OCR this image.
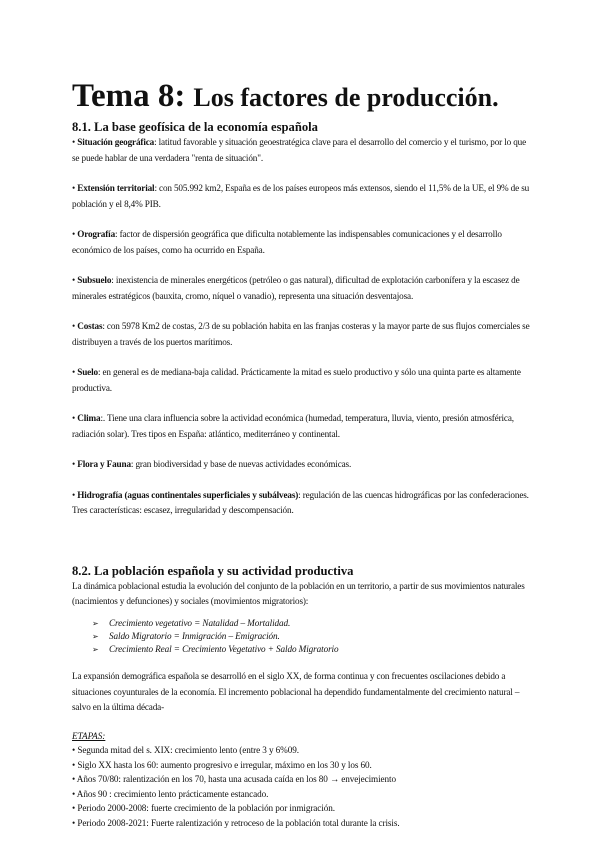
Tema 8: Los factores de producción.
8.1. La base geofísica de la economía española

• Situación geográfica: latitud favorable y situación geoestratégica clave para el desarrollo del comercio y el turismo, por lo que se puede hablar de una verdadera "renta de situación".

• Extensión territorial: con 505.992 km2, España es de los países europeos más extensos, siendo el 11,5% de la UE, el 9% de su población y el 8,4% PIB.

• Orografía: factor de dispersión geográfica que dificulta notablemente las indispensables comunicaciones y el desarrollo económico de los países, como ha ocurrido en España.

• Subsuelo: inexistencia de minerales energéticos (petróleo o gas natural), dificultad de explotación carbonífera y la escasez de minerales estratégicos (bauxita, cromo, níquel o vanadio), representa una situación desventajosa.

• Costas: con 5978 Km2 de costas, 2/3 de su población habita en las franjas costeras y la mayor parte de sus flujos comerciales se distribuyen a través de los puertos marítimos.

• Suelo: en general es de mediana-baja calidad. Prácticamente la mitad es suelo productivo y sólo una quinta parte es altamente productiva.

• Clima:. Tiene una clara influencia sobre la actividad económica (humedad, temperatura, lluvia, viento, presión atmosférica, radiación solar). Tres tipos en España: atlántico, mediterráneo y continental.

• Flora y Fauna: gran biodiversidad y base de nuevas actividades económicas.

• Hidrografía (aguas continentales superficiales y subálveas): regulación de las cuencas hidrográficas por las confederaciones. Tres características: escasez, irregularidad y descompensación.

8.2. La población española y su actividad productiva

La dinámica poblacional estudia la evolución del conjunto de la población en un territorio, a partir de sus movimientos naturales (nacimientos y defunciones) y sociales (movimientos migratorios):

➢ Crecimiento vegetativo = Natalidad – Mortalidad.
➢ Saldo Migratorio = Inmigración – Emigración.
➢ Crecimiento Real = Crecimiento Vegetativo + Saldo Migratorio

La expansión demográfica española se desarrolló en el siglo XX, de forma continua y con frecuentes oscilaciones debido a situaciones coyunturales de la economía. El incremento poblacional ha dependido fundamentalmente del crecimiento natural – salvo en la última década-

ETAPAS:

• Segunda mitad del s. XIX: crecimiento lento (entre 3 y 6%09.
• Siglo XX hasta los 60: aumento progresivo e irregular, máximo en los 30 y los 60.
• Años 70/80: ralentización en los 70, hasta una acusada caída en los 80 → envejecimiento
• Años 90 : crecimiento lento prácticamente estancado.
• Periodo 2000-2008: fuerte crecimiento de la población por inmigración.
• Periodo 2008-2021: Fuerte ralentización y retroceso de la población total durante la crisis.
